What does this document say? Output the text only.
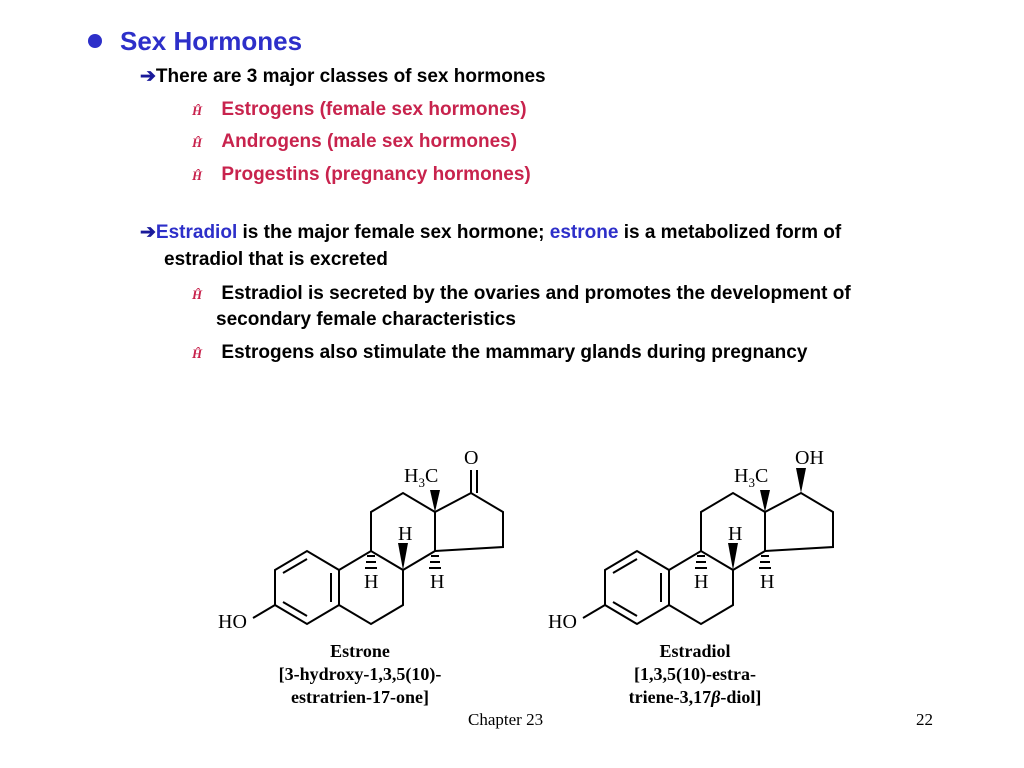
Sex Hormones
➔There are 3 major classes of sex hormones
Ĥ Estrogens (female sex hormones)
Ĥ Androgens (male sex hormones)
Ĥ Progestins (pregnancy hormones)
➔Estradiol is the major female sex hormone; estrone is a metabolized form of
estradiol that is excreted
Ĥ Estradiol is secreted by the ovaries and promotes the development of
secondary female characteristics
Ĥ Estrogens also stimulate the mammary glands during pregnancy
HO
$H_3C$
O
H
H	H
HO
$H_3C$
OH
H
H	H
Estrone
[3-hydroxy-1,3,5(10)-
estratrien-17-one]
Estradiol
[1,3,5(10)-estra-
triene-3,17β-diol]
Chapter 23	22
